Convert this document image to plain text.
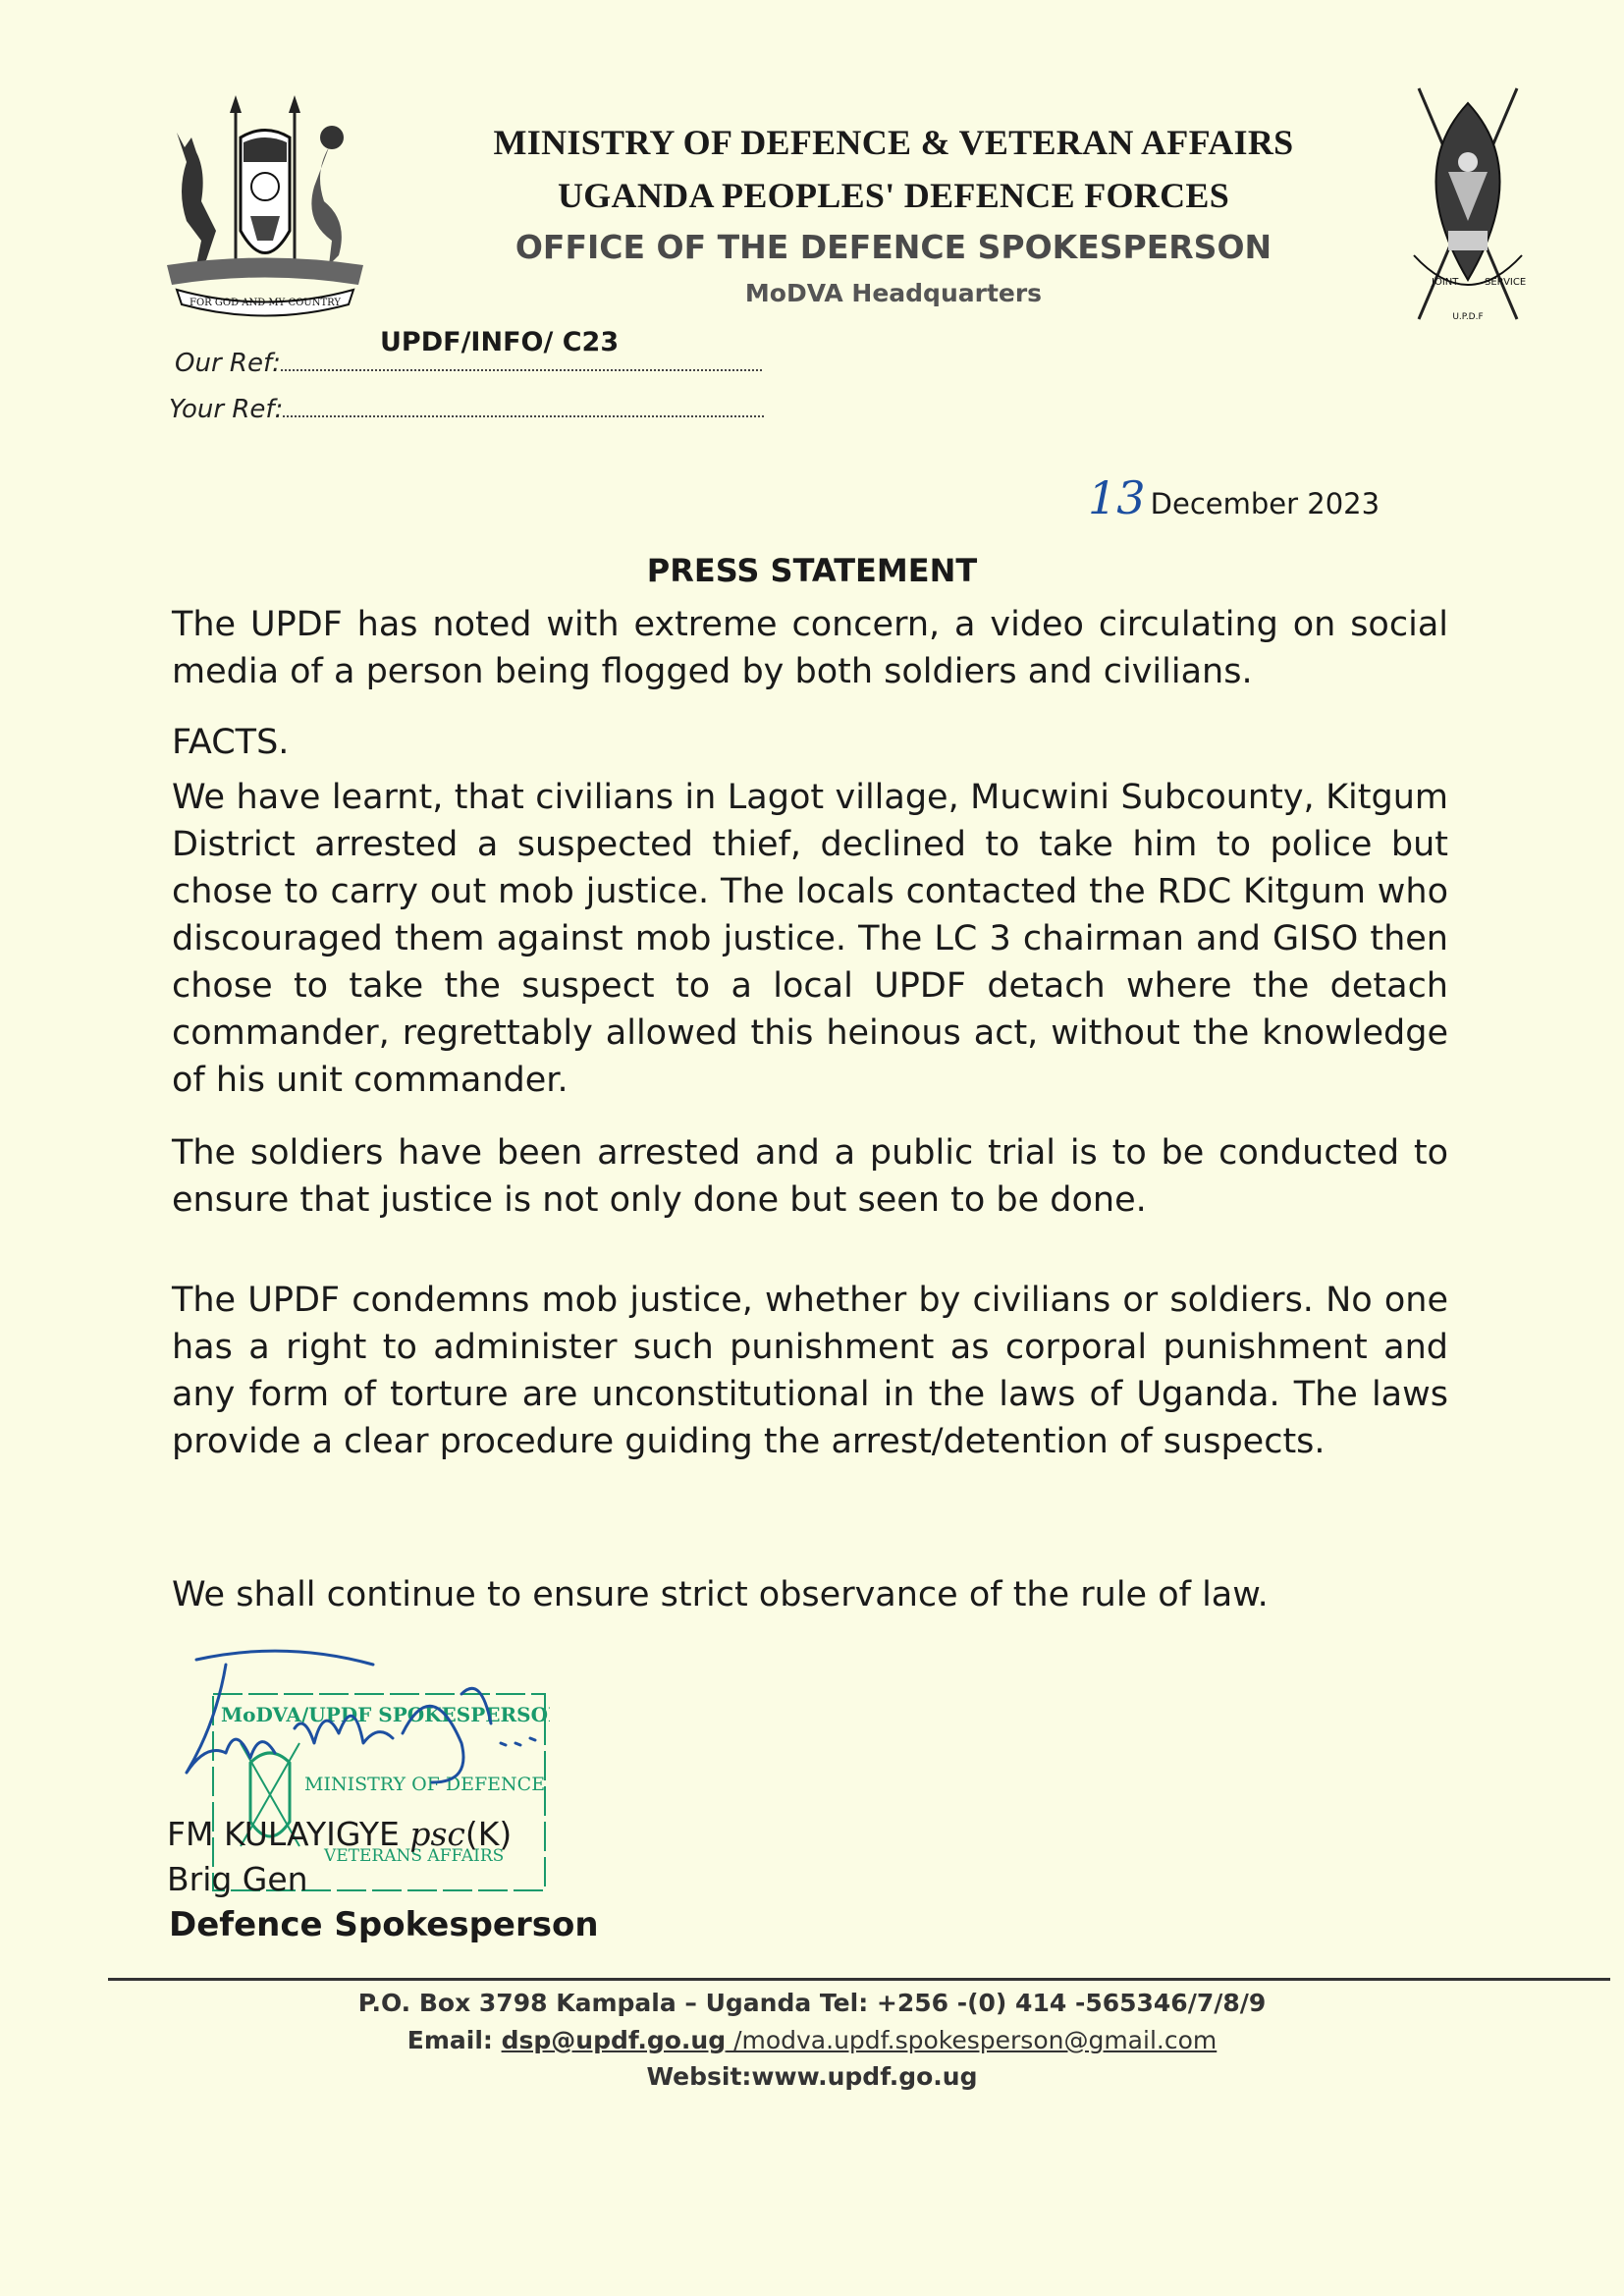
FOR GOD AND MY COUNTRY
JOINT	SERVICE
U.P.D.F
MINISTRY OF DEFENCE & VETERAN AFFAIRS
UGANDA PEOPLES' DEFENCE FORCES
OFFICE OF THE DEFENCE SPOKESPERSON
MoDVA Headquarters
UPDF/INFO/ C23
Our Ref:
Your Ref:
13 December 2023
PRESS STATEMENT

The UPDF has noted with extreme concern, a video circulating on social media of a person being flogged by both soldiers and civilians.

FACTS.

We have learnt, that civilians in Lagot village, Mucwini Subcounty, Kitgum District arrested a suspected thief, declined to take him to police but chose to carry out mob justice. The locals contacted the RDC Kitgum who discouraged them against mob justice. The LC 3 chairman and GISO then chose to take the suspect to a local UPDF detach where the detach commander, regrettably allowed this heinous act, without the knowledge of his unit commander.

The soldiers have been arrested and a public trial is to be conducted to ensure that justice is not only done but seen to be done.

The UPDF condemns mob justice, whether by civilians or soldiers. No one has a right to administer such punishment as corporal punishment and any form of torture are unconstitutional in the laws of Uganda. The laws provide a clear procedure guiding the arrest/detention of suspects.

We shall continue to ensure strict observance of the rule of law.

MoDVA/UPDF SPOKESPERSON
MINISTRY OF DEFENCE
VETERANS AFFAIRS
FM KULAYIGYE psc(K)
Brig Gen
Defence Spokesperson
P.O. Box 3798 Kampala – Uganda Tel: +256 -(0) 414 -565346/7/8/9
Email: dsp@updf.go.ug /modva.updf.spokesperson@gmail.com
Websit:www.updf.go.ug
